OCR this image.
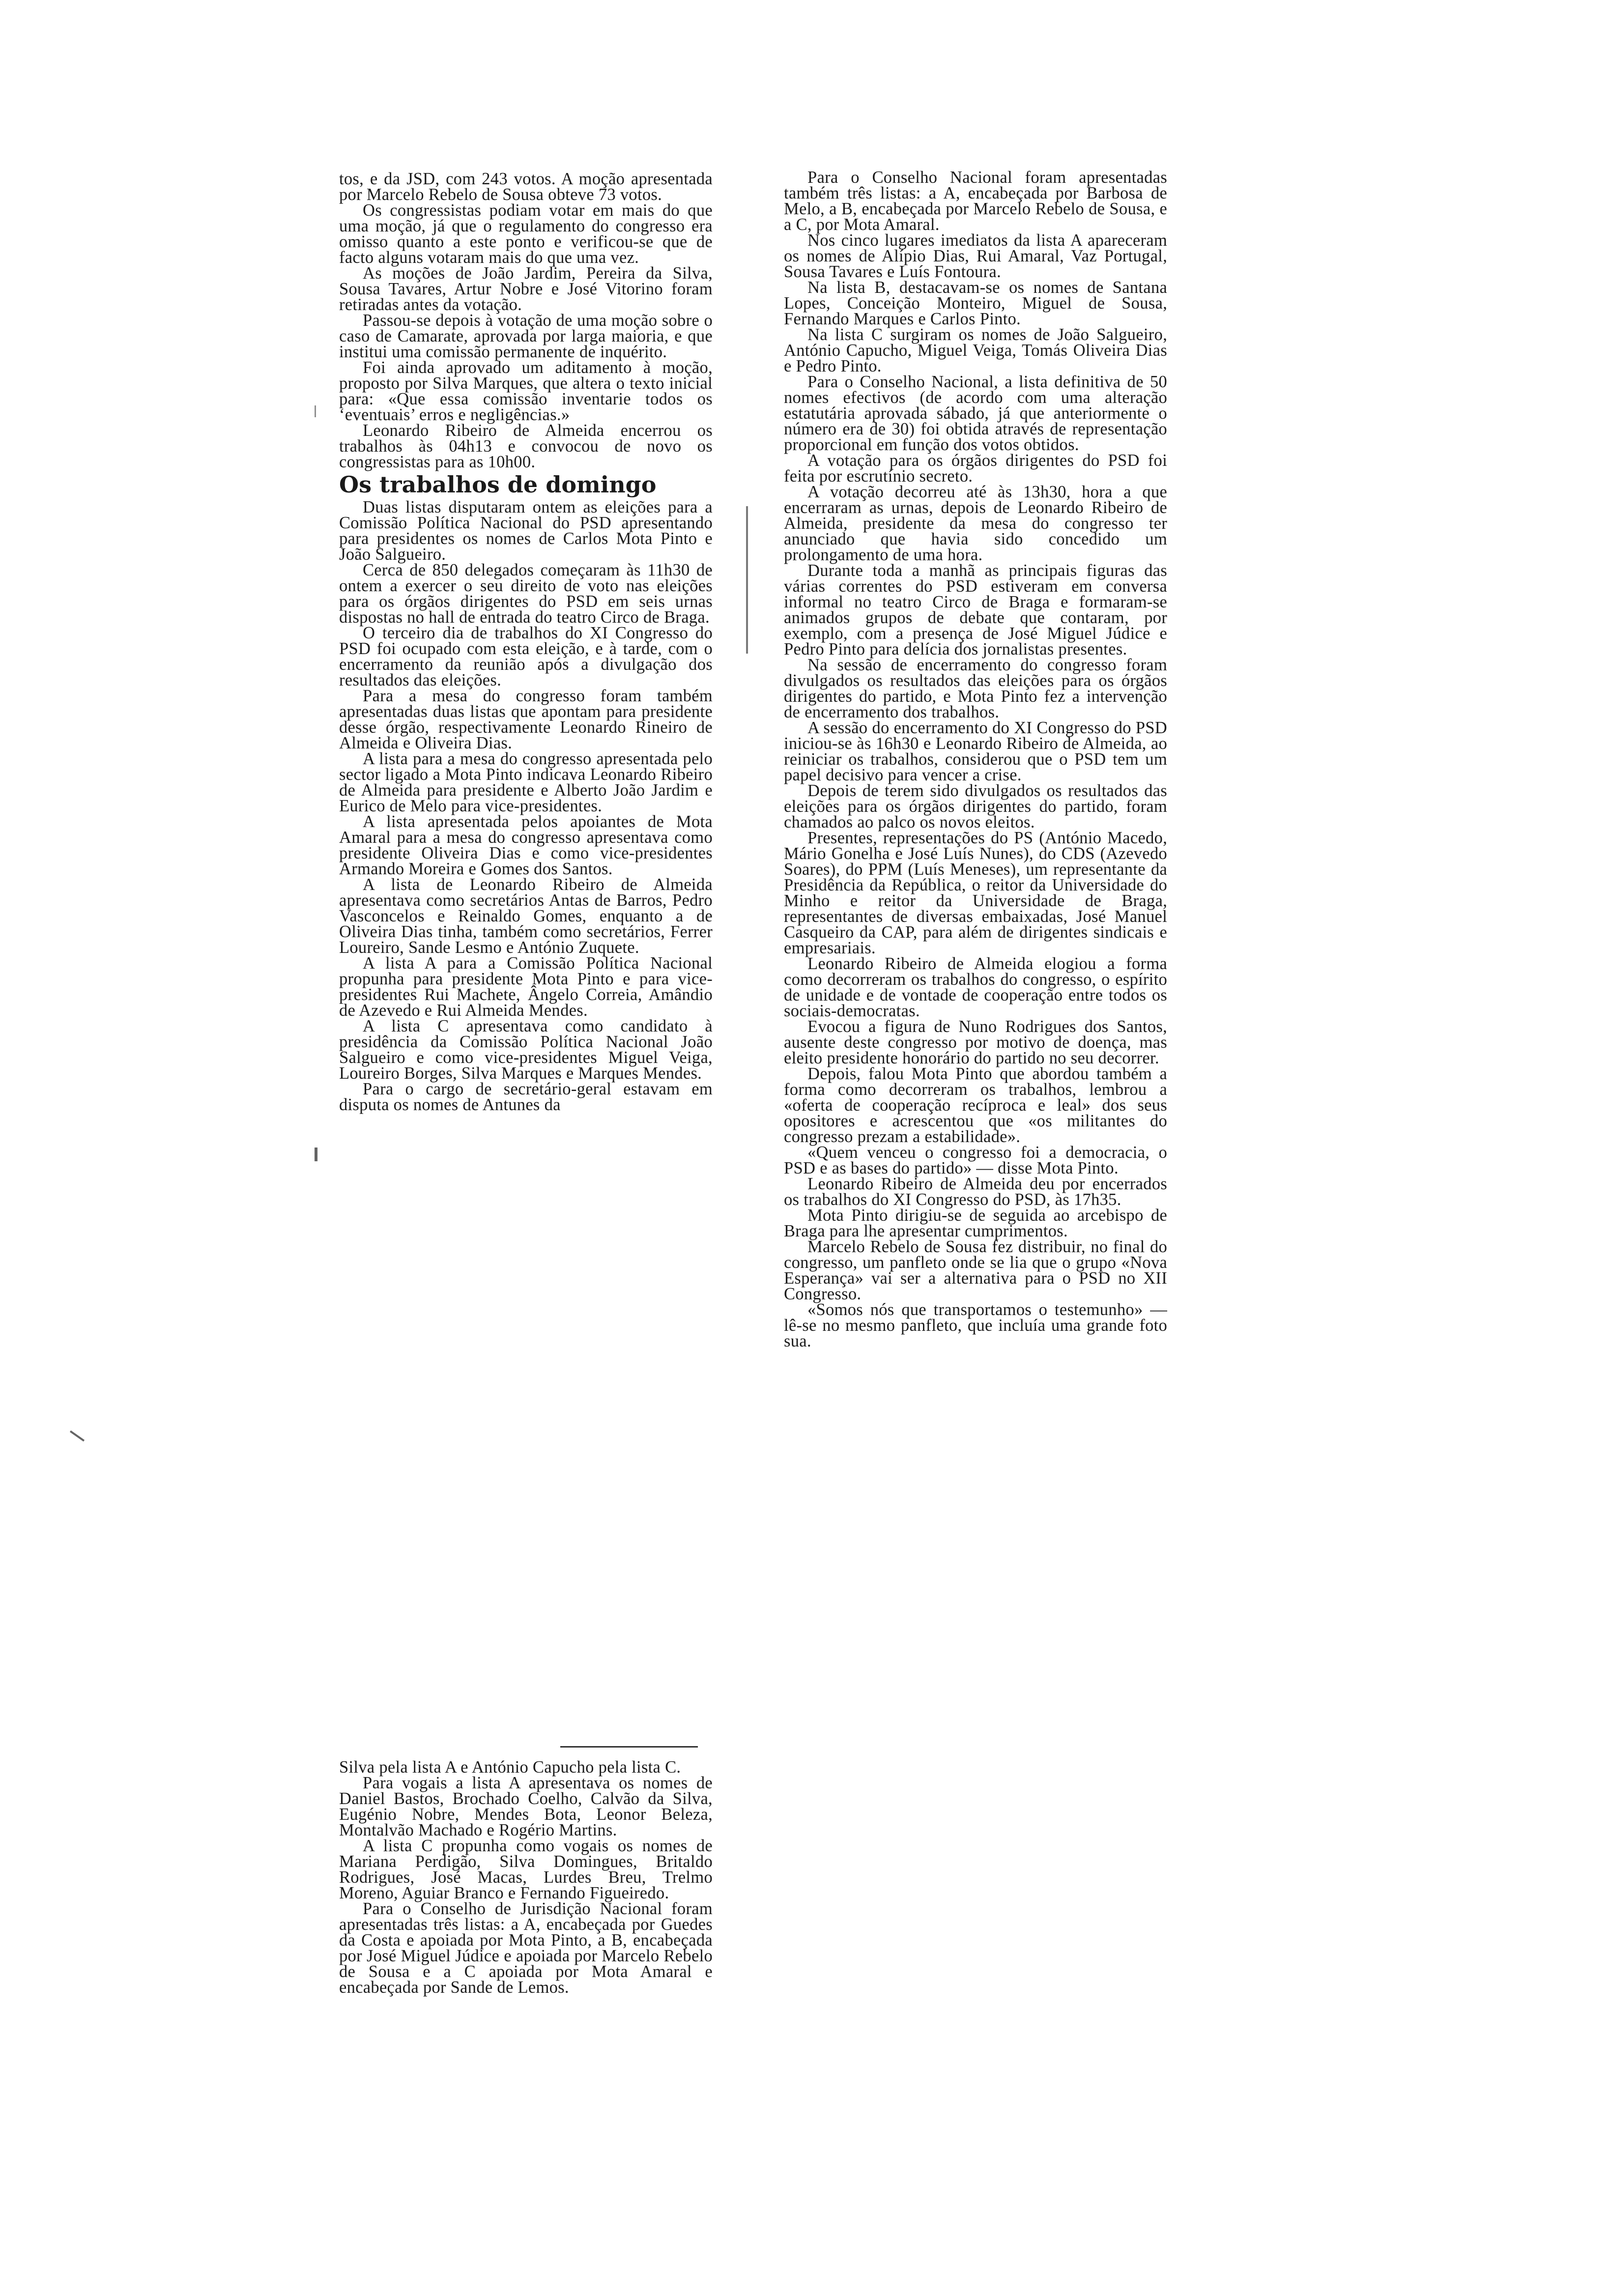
tos, e da JSD, com 243 votos. A moção apresentada por Marcelo Rebelo de Sousa obteve 73 votos.

Os congressistas podiam votar em mais do que uma moção, já que o regulamento do congresso era omisso quanto a este ponto e verificou-se que de facto alguns votaram mais do que uma vez.

As moções de João Jardim, Pereira da Silva, Sousa Tavares, Artur Nobre e José Vitorino foram retiradas antes da votação.

Passou-se depois à votação de uma moção sobre o caso de Camarate, aprovada por larga maioria, e que institui uma comissão permanente de inquérito.

Foi ainda aprovado um aditamento à moção, proposto por Silva Marques, que altera o texto inicial para: «Que essa comissão inventarie todos os ‘eventuais’ erros e negligências.»

Leonardo Ribeiro de Almeida encerrou os trabalhos às 04h13 e convocou de novo os congressistas para as 10h00.

Os trabalhos de domingo

Duas listas disputaram ontem as eleições para a Comissão Política Nacional do PSD apresentando para presidentes os nomes de Carlos Mota Pinto e João Salgueiro.

Cerca de 850 delegados começaram às 11h30 de ontem a exercer o seu direito de voto nas eleições para os órgãos dirigentes do PSD em seis urnas dispostas no hall de entrada do teatro Circo de Braga.

O terceiro dia de trabalhos do XI Congresso do PSD foi ocupado com esta eleição, e à tarde, com o encerramento da reunião após a divulgação dos resultados das eleições.

Para a mesa do congresso foram também apresentadas duas listas que apontam para presidente desse órgão, respectivamente Leonardo Rineiro de Almeida e Oliveira Dias.

A lista para a mesa do congresso apresentada pelo sector ligado a Mota Pinto indicava Leonardo Ribeiro de Almeida para presidente e Alberto João Jardim e Eurico de Melo para vice-presidentes.

A lista apresentada pelos apoiantes de Mota Amaral para a mesa do congresso apresentava como presidente Oliveira Dias e como vice-presidentes Armando Moreira e Gomes dos Santos.

A lista de Leonardo Ribeiro de Almeida apresentava como secretários Antas de Barros, Pedro Vasconcelos e Reinaldo Gomes, enquanto a de Oliveira Dias tinha, também como secretários, Ferrer Loureiro, Sande Lesmo e António Zuquete.

A lista A para a Comissão Política Nacional propunha para presidente Mota Pinto e para vice-presidentes Rui Machete, Ângelo Correia, Amândio de Azevedo e Rui Almeida Mendes.

A lista C apresentava como candidato à presidência da Comissão Política Nacional João Salgueiro e como vice-presidentes Miguel Veiga, Loureiro Borges, Silva Marques e Marques Mendes.

Para o cargo de secretário-geral estavam em disputa os nomes de Antunes da

Silva pela lista A e António Capucho pela lista C.

Para vogais a lista A apresentava os nomes de Daniel Bastos, Brochado Coelho, Calvão da Silva, Eugénio Nobre, Mendes Bota, Leonor Beleza, Montalvão Machado e Rogério Martins.

A lista C propunha como vogais os nomes de Mariana Perdigão, Silva Domingues, Britaldo Rodrigues, José Macas, Lurdes Breu, Trelmo Moreno, Aguiar Branco e Fernando Figueiredo.

Para o Conselho de Jurisdição Nacional foram apresentadas três listas: a A, encabeçada por Guedes da Costa e apoiada por Mota Pinto, a B, encabeçada por José Miguel Júdice e apoiada por Marcelo Rebelo de Sousa e a C apoiada por Mota Amaral e encabeçada por Sande de Lemos.

Para o Conselho Nacional foram apresentadas também três listas: a A, encabeçada por Barbosa de Melo, a B, encabeçada por Marcelo Rebelo de Sousa, e a C, por Mota Amaral.

Nos cinco lugares imediatos da lista A apareceram os nomes de Alípio Dias, Rui Amaral, Vaz Portugal, Sousa Tavares e Luís Fontoura.

Na lista B, destacavam-se os nomes de Santana Lopes, Conceição Monteiro, Miguel de Sousa, Fernando Marques e Carlos Pinto.

Na lista C surgiram os nomes de João Salgueiro, António Capucho, Miguel Veiga, Tomás Oliveira Dias e Pedro Pinto.

Para o Conselho Nacional, a lista definitiva de 50 nomes efectivos (de acordo com uma alteração estatutária aprovada sábado, já que anteriormente o número era de 30) foi obtida através de representação proporcional em função dos votos obtidos.

A votação para os órgãos dirigentes do PSD foi feita por escrutínio secreto.

A votação decorreu até às 13h30, hora a que encerraram as urnas, depois de Leonardo Ribeiro de Almeida, presidente da mesa do congresso ter anunciado que havia sido concedido um prolongamento de uma hora.

Durante toda a manhã as principais figuras das várias correntes do PSD estiveram em conversa informal no teatro Circo de Braga e formaram-se animados grupos de debate que contaram, por exemplo, com a presença de José Miguel Júdice e Pedro Pinto para delícia dos jornalistas presentes.

Na sessão de encerramento do congresso foram divulgados os resultados das eleições para os órgãos dirigentes do partido, e Mota Pinto fez a intervenção de encerramento dos trabalhos.

A sessão do encerramento do XI Congresso do PSD iniciou-se às 16h30 e Leonardo Ribeiro de Almeida, ao reiniciar os trabalhos, considerou que o PSD tem um papel decisivo para vencer a crise.

Depois de terem sido divulgados os resultados das eleições para os órgãos dirigentes do partido, foram chamados ao palco os novos eleitos.

Presentes, representações do PS (António Macedo, Mário Gonelha e José Luís Nunes), do CDS (Azevedo Soares), do PPM (Luís Meneses), um representante da Presidência da República, o reitor da Universidade do Minho e reitor da Universidade de Braga, representantes de diversas embaixadas, José Manuel Casqueiro da CAP, para além de dirigentes sindicais e empresariais.

Leonardo Ribeiro de Almeida elogiou a forma como decorreram os trabalhos do congresso, o espírito de unidade e de vontade de cooperação entre todos os sociais-democratas.

Evocou a figura de Nuno Rodrigues dos Santos, ausente deste congresso por motivo de doença, mas eleito presidente honorário do partido no seu decorrer.

Depois, falou Mota Pinto que abordou também a forma como decorreram os trabalhos, lembrou a «oferta de cooperação recíproca e leal» dos seus opositores e acrescentou que «os militantes do congresso prezam a estabilidade».

«Quem venceu o congresso foi a democracia, o PSD e as bases do partido» — disse Mota Pinto.

Leonardo Ribeiro de Almeida deu por encerrados os trabalhos do XI Congresso do PSD, às 17h35.

Mota Pinto dirigiu-se de seguida ao arcebispo de Braga para lhe apresentar cumprimentos.

Marcelo Rebelo de Sousa fez distribuir, no final do congresso, um panfleto onde se lia que o grupo «Nova Esperança» vai ser a alternativa para o PSD no XII Congresso.

«Somos nós que transportamos o testemunho» — lê-se no mesmo panfleto, que incluía uma grande foto sua.
